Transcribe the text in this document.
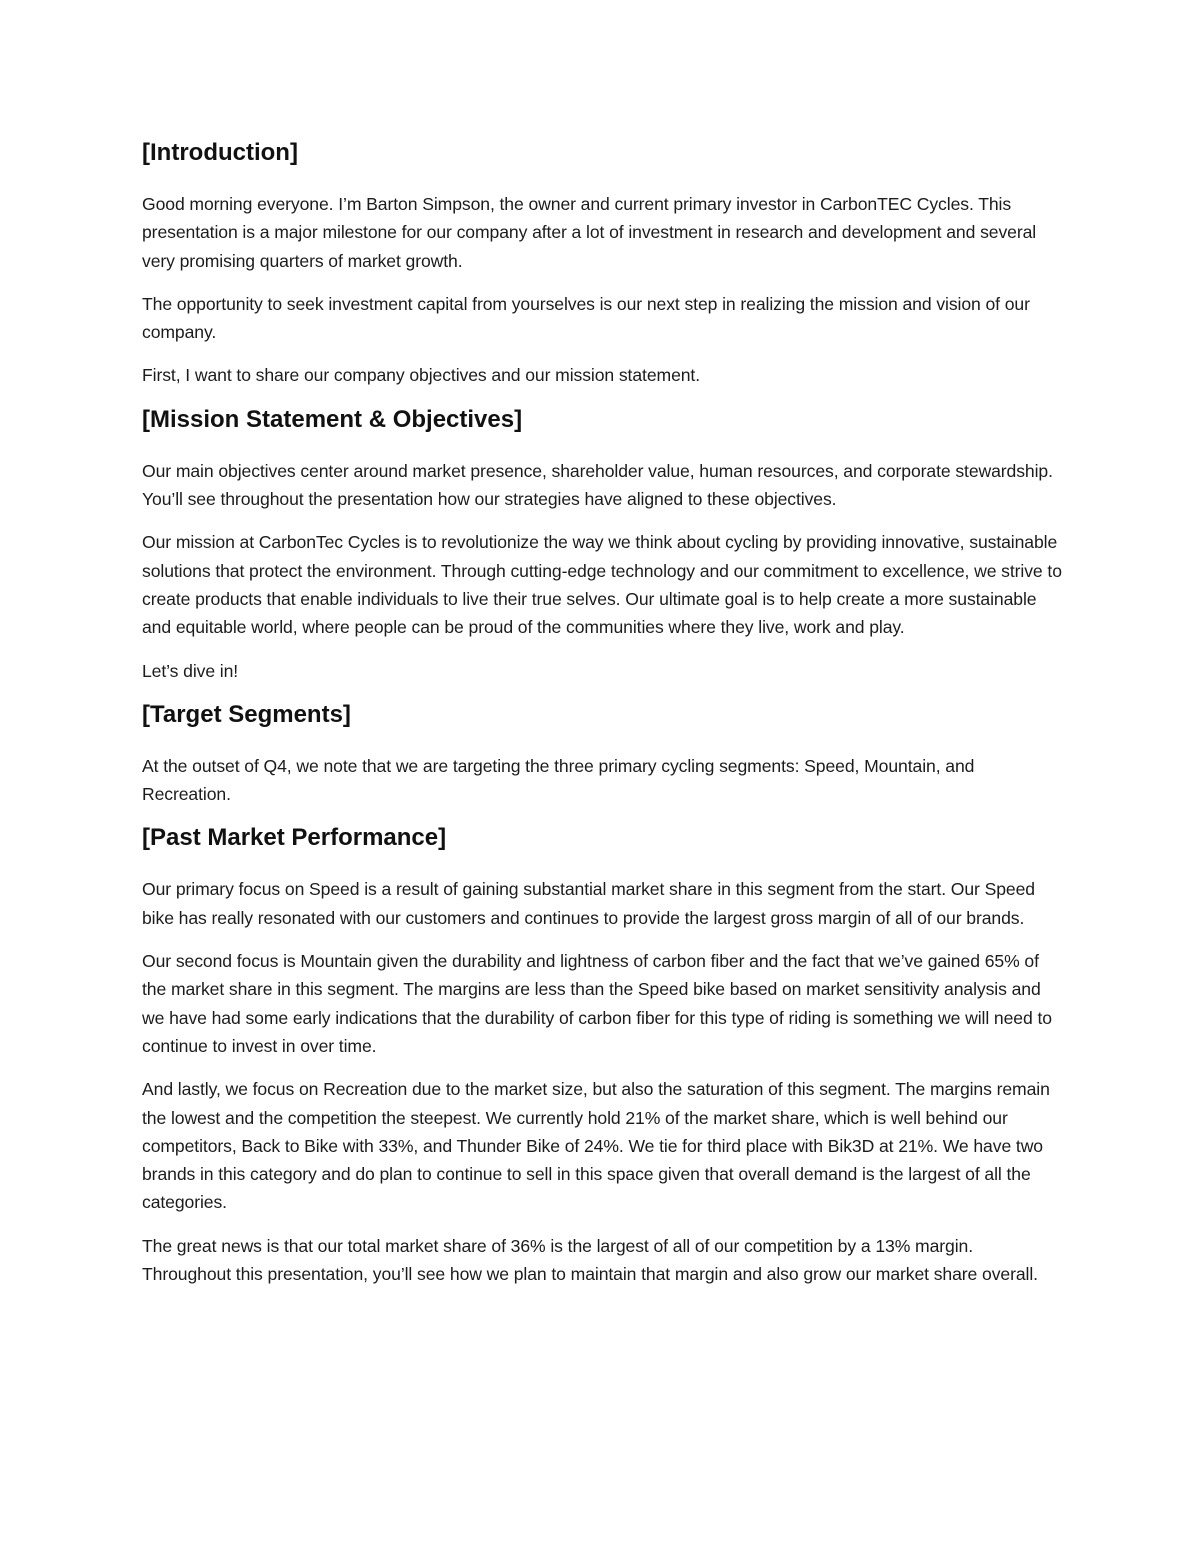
[Introduction]

Good morning everyone. I’m Barton Simpson, the owner and current primary investor in CarbonTEC Cycles. This presentation is a major milestone for our company after a lot of investment in research and development and several very promising quarters of market growth.

The opportunity to seek investment capital from yourselves is our next step in realizing the mission and vision of our company.

First, I want to share our company objectives and our mission statement.

[Mission Statement & Objectives]

Our main objectives center around market presence, shareholder value, human resources, and corporate stewardship. You’ll see throughout the presentation how our strategies have aligned to these objectives.

Our mission at CarbonTec Cycles is to revolutionize the way we think about cycling by providing innovative, sustainable solutions that protect the environment. Through cutting-edge technology and our commitment to excellence, we strive to create products that enable individuals to live their true selves. Our ultimate goal is to help create a more sustainable and equitable world, where people can be proud of the communities where they live, work and play.

Let’s dive in!

[Target Segments]

At the outset of Q4, we note that we are targeting the three primary cycling segments: Speed, Mountain, and Recreation.

[Past Market Performance]

Our primary focus on Speed is a result of gaining substantial market share in this segment from the start. Our Speed bike has really resonated with our customers and continues to provide the largest gross margin of all of our brands.

Our second focus is Mountain given the durability and lightness of carbon fiber and the fact that we’ve gained 65% of the market share in this segment. The margins are less than the Speed bike based on market sensitivity analysis and we have had some early indications that the durability of carbon fiber for this type of riding is something we will need to continue to invest in over time.

And lastly, we focus on Recreation due to the market size, but also the saturation of this segment. The margins remain the lowest and the competition the steepest. We currently hold 21% of the market share, which is well behind our competitors, Back to Bike with 33%, and Thunder Bike of 24%. We tie for third place with Bik3D at 21%. We have two brands in this category and do plan to continue to sell in this space given that overall demand is the largest of all the categories.

The great news is that our total market share of 36% is the largest of all of our competition by a 13% margin. Throughout this presentation, you’ll see how we plan to maintain that margin and also grow our market share overall.
